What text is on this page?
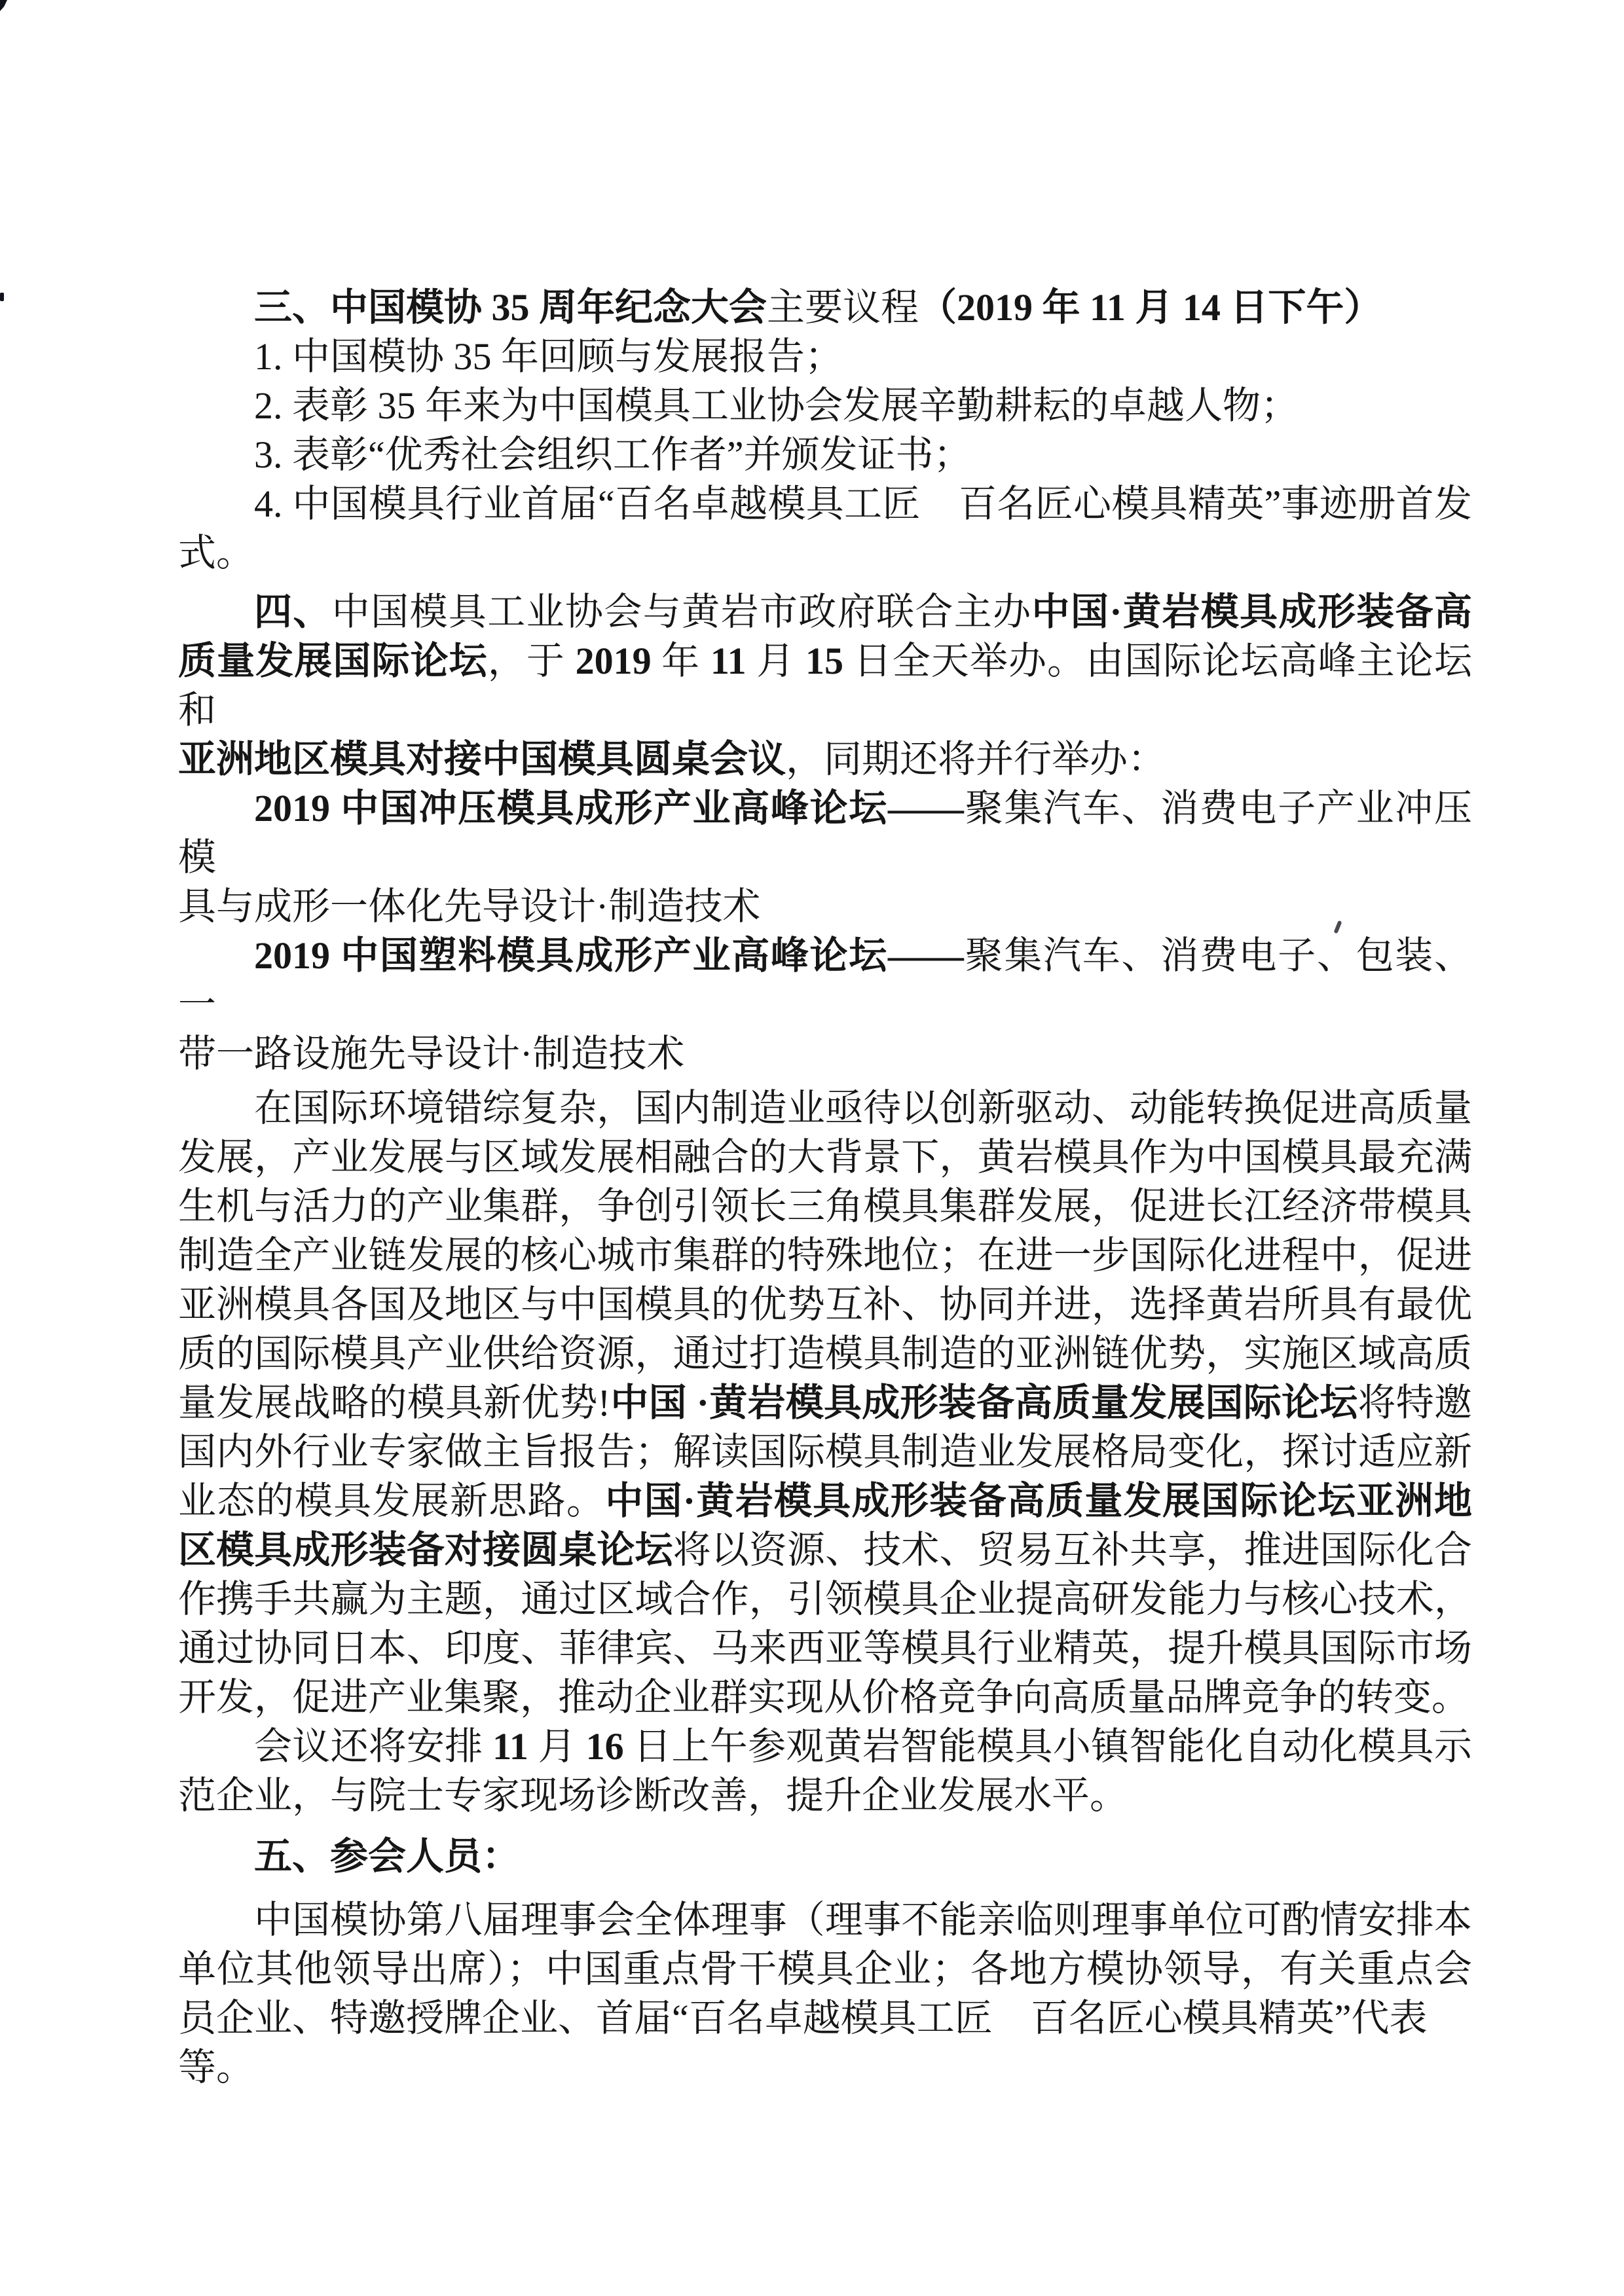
三、中国模协 35 周年纪念大会主要议程（2019 年 11 月 14 日下午）

1. 中国模协 35 年回顾与发展报告；

2. 表彰 35 年来为中国模具工业协会发展辛勤耕耘的卓越人物；

3. 表彰“优秀社会组织工作者”并颁发证书；

4. 中国模具行业首届“百名卓越模具工匠　百名匠心模具精英”事迹册首发

式。

四、中国模具工业协会与黄岩市政府联合主办中国·黄岩模具成形装备高

质量发展国际论坛，于 2019 年 11 月 15 日全天举办。由国际论坛高峰主论坛和

亚洲地区模具对接中国模具圆桌会议，同期还将并行举办：

2019 中国冲压模具成形产业高峰论坛——聚集汽车、消费电子产业冲压模

具与成形一体化先导设计·制造技术

2019 中国塑料模具成形产业高峰论坛——聚集汽车、消费电子、包装、一

带一路设施先导设计·制造技术

在国际环境错综复杂，国内制造业亟待以创新驱动、动能转换促进高质量

发展，产业发展与区域发展相融合的大背景下，黄岩模具作为中国模具最充满

生机与活力的产业集群，争创引领长三角模具集群发展，促进长江经济带模具

制造全产业链发展的核心城市集群的特殊地位；在进一步国际化进程中，促进

亚洲模具各国及地区与中国模具的优势互补、协同并进，选择黄岩所具有最优

质的国际模具产业供给资源，通过打造模具制造的亚洲链优势，实施区域高质

量发展战略的模具新优势!中国 ·黄岩模具成形装备高质量发展国际论坛将特邀

国内外行业专家做主旨报告；解读国际模具制造业发展格局变化，探讨适应新

业态的模具发展新思路。中国·黄岩模具成形装备高质量发展国际论坛亚洲地

区模具成形装备对接圆桌论坛将以资源、技术、贸易互补共享，推进国际化合

作携手共赢为主题，通过区域合作，引领模具企业提高研发能力与核心技术，

通过协同日本、印度、菲律宾、马来西亚等模具行业精英，提升模具国际市场

开发，促进产业集聚，推动企业群实现从价格竞争向高质量品牌竞争的转变。

会议还将安排 11 月 16 日上午参观黄岩智能模具小镇智能化自动化模具示

范企业，与院士专家现场诊断改善，提升企业发展水平。

五、参会人员：

中国模协第八届理事会全体理事（理事不能亲临则理事单位可酌情安排本

单位其他领导出席）；中国重点骨干模具企业；各地方模协领导，有关重点会

员企业、特邀授牌企业、首届“百名卓越模具工匠　百名匠心模具精英”代表等。
